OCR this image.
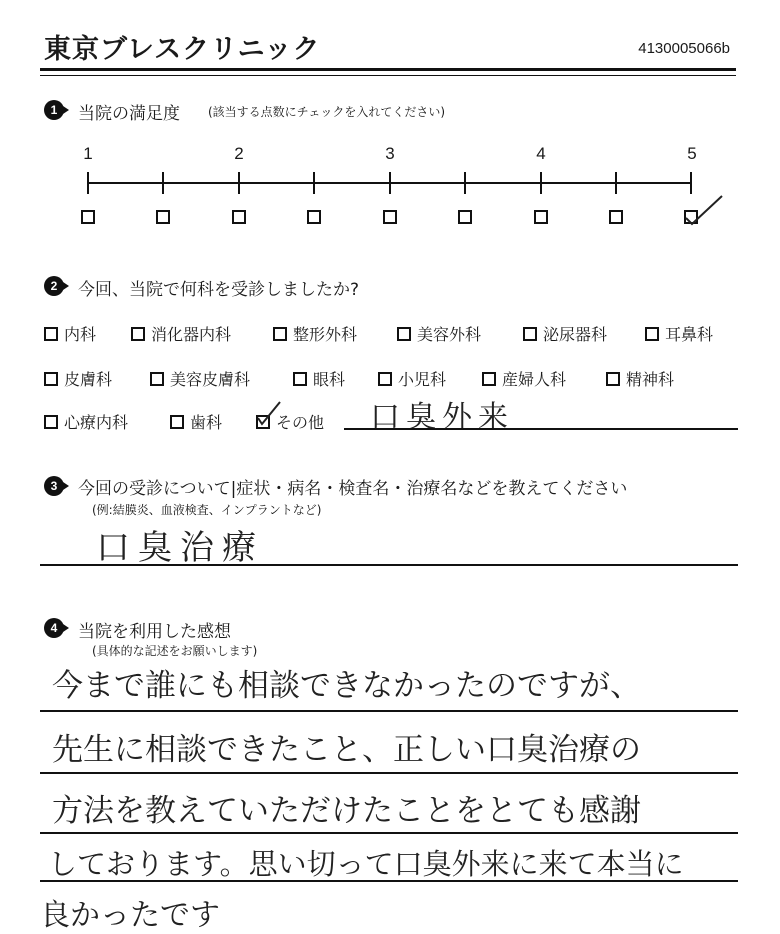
東京ブレスクリニック	4130005066b
1	当院の満足度 (該当する点数にチェックを入れてください)
1	2	3	4	5
2	今回、当院で何科を受診しましたか?
内科	消化器内科	整形外科	美容外科	泌尿器科	耳鼻科
皮膚科	美容皮膚科	眼科	小児科	産婦人科	精神科
心療内科	歯科	その他 口臭外来
3	今回の受診について|症状・病名・検査名・治療名などを教えてください
(例:結膜炎、血液検査、インプラントなど)
口臭治療
4	当院を利用した感想
(具体的な記述をお願いします)
今まで誰にも相談できなかったのですが、
先生に相談できたこと、正しい口臭治療の
方法を教えていただけたことをとても感謝
しております。思い切って口臭外来に来て本当に
良かったです
